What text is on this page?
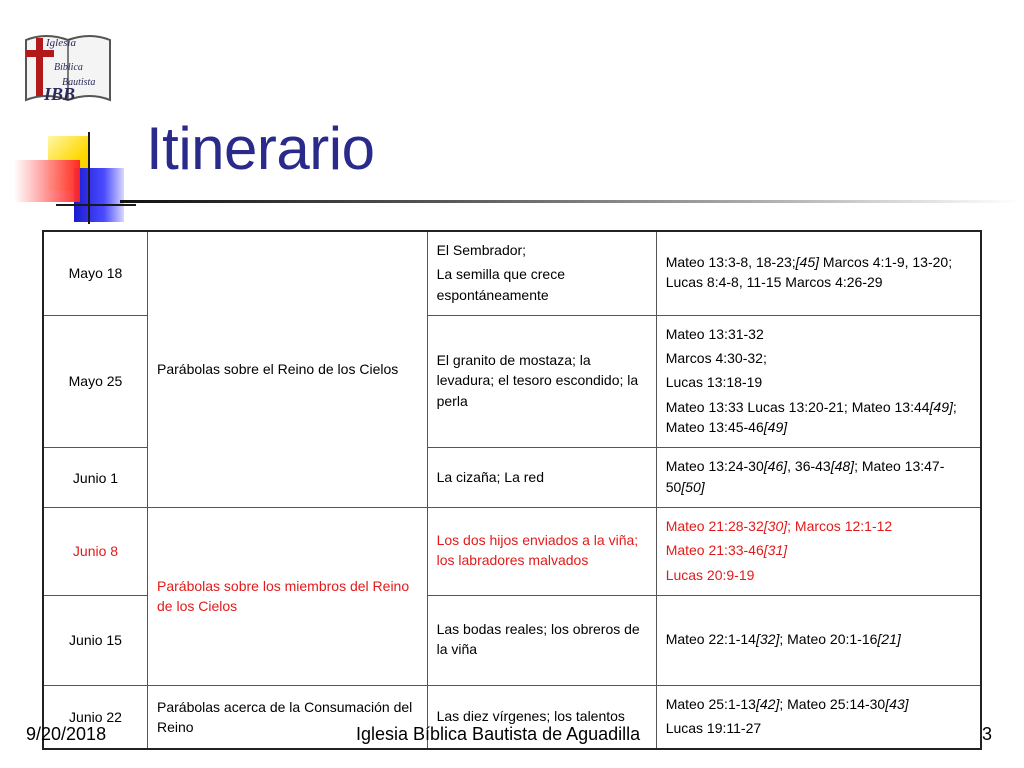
Iglesia
Bíblica
Bautista
IBB
Itinerario
Mayo 18	Parábolas sobre el Reino de los Cielos	El Sembrador;

La semilla que crece espontáneamente	Mateo 13:3-8, 18-23;[45] Marcos 4:1-9, 13-20; Lucas 8:4-8, 11-15 Marcos 4:26-29

Mayo 25		El granito de mostaza; la levadura; el tesoro escondido; la perla	Mateo 13:31-32

Marcos 4:30-32;

Lucas 13:18-19

Mateo 13:33 Lucas 13:20-21; Mateo 13:44[49]; Mateo 13:45-46[49]

Junio 1		La cizaña; La red	Mateo 13:24-30[46], 36-43[48]; Mateo 13:47-50[50]

Junio 8	Parábolas sobre los miembros del Reino de los Cielos	Los dos hijos enviados a la viña; los labradores malvados	Mateo 21:28-32[30]; Marcos 12:1-12

Mateo 21:33-46[31]

Lucas 20:9-19

Junio 15		Las bodas reales; los obreros de la viña	Mateo 22:1-14[32]; Mateo 20:1-16[21]

Junio 22	Parábolas acerca de la Consumación del Reino	Las diez vírgenes; los talentos	Mateo 25:1-13[42]; Mateo 25:14-30[43]

Lucas 19:11-27

9/20/2018	Iglesia Bíblica Bautista de Aguadilla	3
